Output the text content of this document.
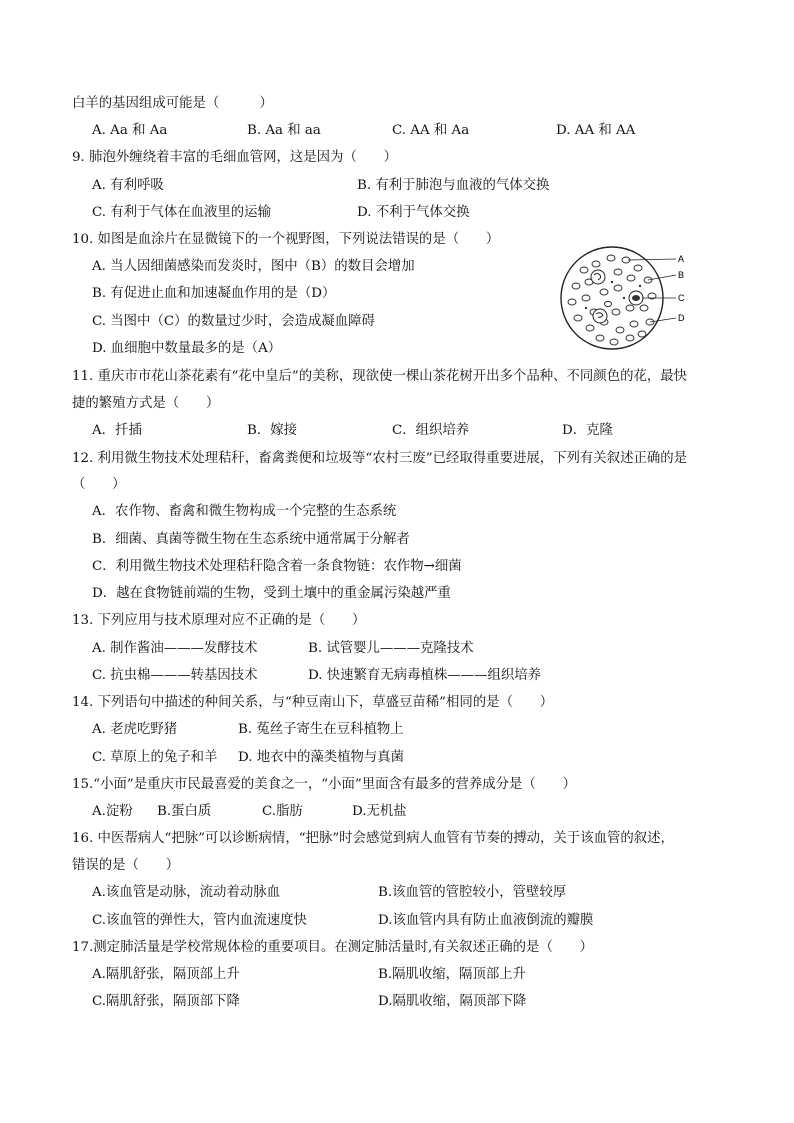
白羊的基因组成可能是（　　　）
A. Aa 和 Aa	B. Aa 和 aa	C. AA 和 Aa	D. AA 和 AA
9. 肺泡外缠绕着丰富的毛细血管网，这是因为（　　）
A. 有利呼吸	B. 有利于肺泡与血液的气体交换
C. 有利于气体在血液里的运输	D. 不利于气体交换
10. 如图是血涂片在显微镜下的一个视野图，下列说法错误的是（　　）
A. 当人因细菌感染而发炎时，图中（B）的数目会增加
B. 有促进止血和加速凝血作用的是（D）
C. 当图中（C）的数量过少时，会造成凝血障碍
D. 血细胞中数量最多的是（A）
A
B
C
D
11. 重庆市市花山茶花素有“花中皇后”的美称，现欲使一棵山茶花树开出多个品种、不同颜色的花，最快
捷的繁殖方式是（　　）
A．扦插	B．嫁接	C．组织培养	D．克隆
12. 利用微生物技术处理秸秆，畜禽粪便和垃圾等“农村三废”已经取得重要进展，下列有关叙述正确的是
（　　）
A．农作物、畜禽和微生物构成一个完整的生态系统
B．细菌、真菌等微生物在生态系统中通常属于分解者
C．利用微生物技术处理秸秆隐含着一条食物链：农作物→细菌
D．越在食物链前端的生物，受到土壤中的重金属污染越严重
13. 下列应用与技术原理对应不正确的是（　　）
A. 制作酱油———发酵技术	B. 试管婴儿———克隆技术
C. 抗虫棉———转基因技术	D. 快速繁育无病毒植株———组织培养
14. 下列语句中描述的种间关系，与“种豆南山下，草盛豆苗稀”相同的是（　　）
A. 老虎吃野猪	B. 菟丝子寄生在豆科植物上
C. 草原上的兔子和羊 D. 地衣中的藻类植物与真菌
15.“小面”是重庆市民最喜爱的美食之一，“小面”里面含有最多的营养成分是（　　）
A.淀粉 B.蛋白质	C.脂肪	D.无机盐
16. 中医帮病人“把脉”可以诊断病情，“把脉”时会感觉到病人血管有节奏的搏动，关于该血管的叙述，
错误的是（　　）
A.该血管是动脉，流动着动脉血	B.该血管的管腔较小，管壁较厚
C.该血管的弹性大，管内血流速度快	D.该血管内具有防止血液倒流的瓣膜
17.测定肺活量是学校常规体检的重要项目。在测定肺活量时,有关叙述正确的是（　　）
A.隔肌舒张，隔顶部上升	B.隔肌收缩，隔顶部上升
C.隔肌舒张，隔顶部下降	D.隔肌收缩，隔顶部下降
